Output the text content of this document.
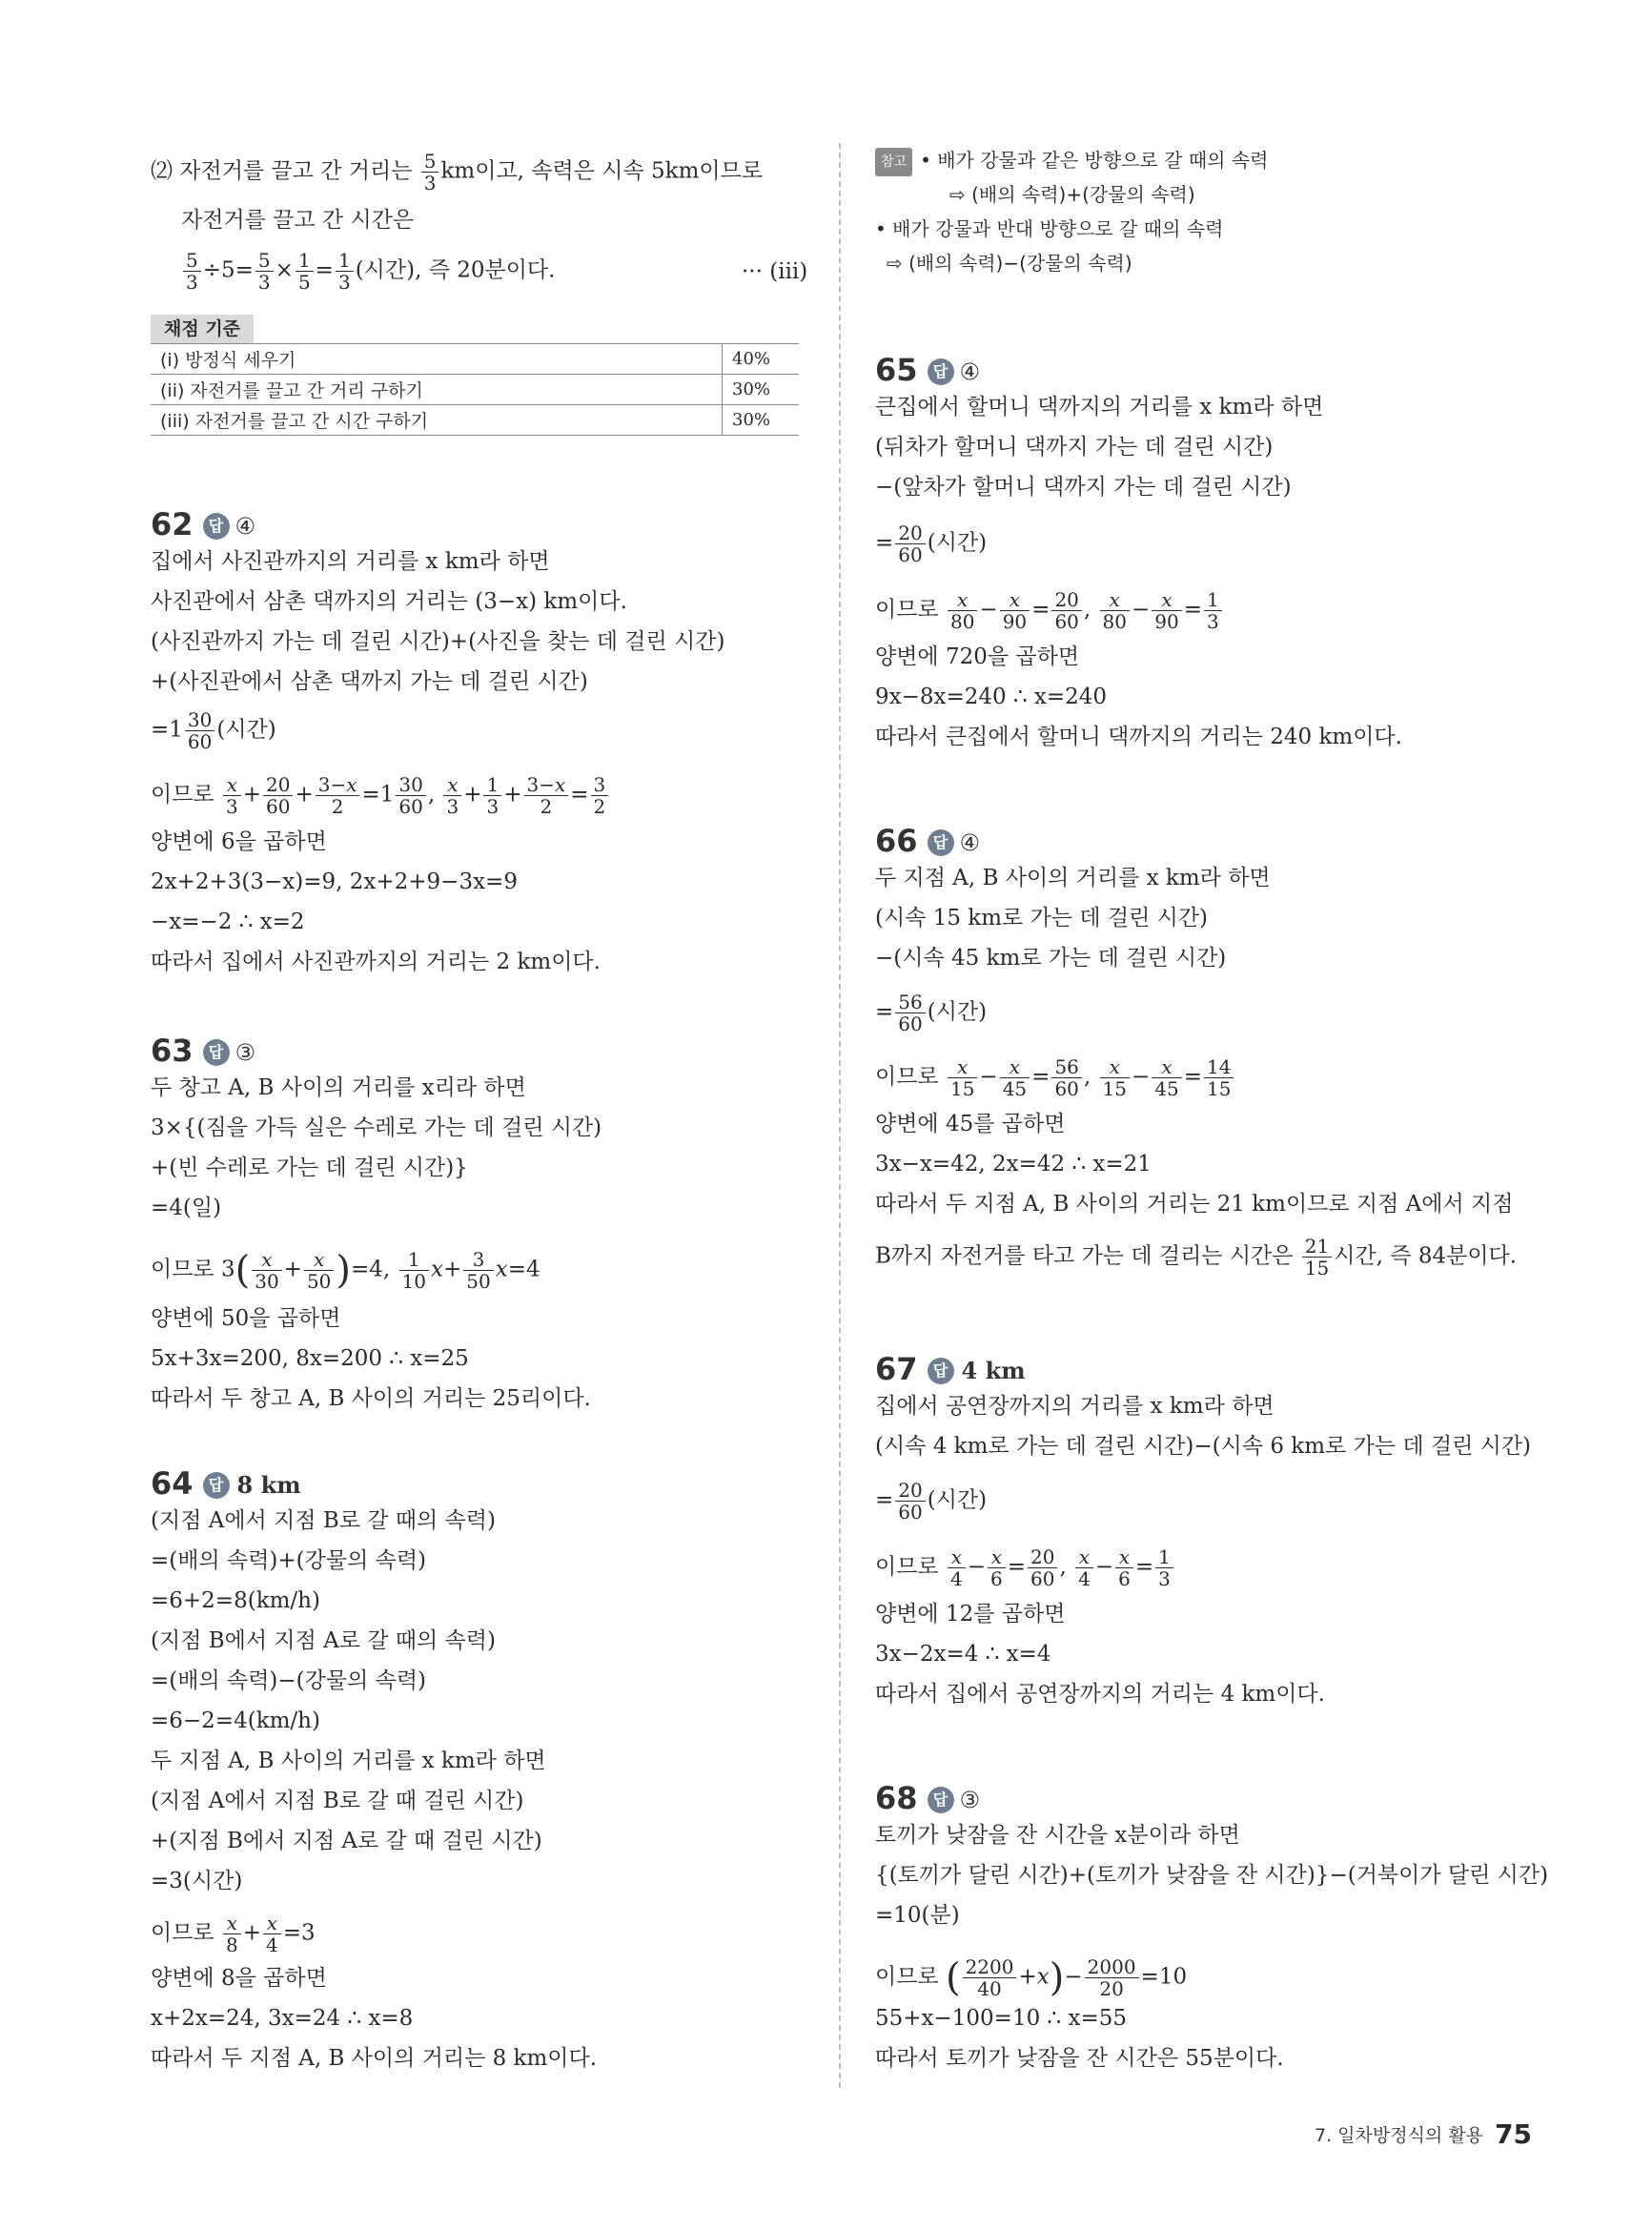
⑵ 자전거를 끌고 간 거리는 $\frac{5}{3}$ km이고, 속력은 시속 5km이므로
자전거를 끌고 간 시간은
$\frac{5}{3} \div 5= \frac{5}{3} \times \frac{1}{5} = \frac{1}{3}$ (시간), 즉 20분이다.	··· (iii)
채점 기준
(i) 방정식 세우기	40%
(ii) 자전거를 끌고 간 거리 구하기	30%
(iii) 자전거를 끌고 간 시간 구하기	30%
62 답 ④
집에서 사진관까지의 거리를 x km라 하면
사진관에서 삼촌 댁까지의 거리는 (3−x) km이다.
(사진관까지 가는 데 걸린 시간)+(사진을 찾는 데 걸린 시간)
+(사진관에서 삼촌 댁까지 가는 데 걸린 시간)
$=1 \frac{30}{60}$ (시간)
이므로 $\frac{x}{3} + \frac{20}{60} + \frac{3-x}{2} =1 \frac{30}{60}$ , $\frac{x}{3} + \frac{1}{3} + \frac{3-x}{2} = \frac{3}{2}$
양변에 6을 곱하면
2x+2+3(3−x)=9, 2x+2+9−3x=9
−x=−2 ∴ x=2
따라서 집에서 사진관까지의 거리는 2 km이다.
63 답 ③
두 창고 A, B 사이의 거리를 x리라 하면
3×{(짐을 가득 실은 수레로 가는 데 걸린 시간)
+(빈 수레로 가는 데 걸린 시간)}
=4(일)
이므로 $3( \frac{x}{30} + \frac{x}{50} )=4$, $\frac{1}{10} x+ \frac{3}{50} x=4$
양변에 50을 곱하면
5x+3x=200, 8x=200 ∴ x=25
따라서 두 창고 A, B 사이의 거리는 25리이다.
64 답 8 km
(지점 A에서 지점 B로 갈 때의 속력)
=(배의 속력)+(강물의 속력)
=6+2=8(km/h)
(지점 B에서 지점 A로 갈 때의 속력)
=(배의 속력)−(강물의 속력)
=6−2=4(km/h)
두 지점 A, B 사이의 거리를 x km라 하면
(지점 A에서 지점 B로 갈 때 걸린 시간)
+(지점 B에서 지점 A로 갈 때 걸린 시간)
=3(시간)
이므로 $\frac{x}{8} + \frac{x}{4} =3$
양변에 8을 곱하면
x+2x=24, 3x=24 ∴ x=8
따라서 두 지점 A, B 사이의 거리는 8 km이다.
참고 • 배가 강물과 같은 방향으로 갈 때의 속력
⇨ (배의 속력)+(강물의 속력)
• 배가 강물과 반대 방향으로 갈 때의 속력
⇨ (배의 속력)−(강물의 속력)
65 답 ④
큰집에서 할머니 댁까지의 거리를 x km라 하면
(뒤차가 할머니 댁까지 가는 데 걸린 시간)
−(앞차가 할머니 댁까지 가는 데 걸린 시간)
= $\frac{20}{60}$ (시간)
이므로 $\frac{x}{80} - \frac{x}{90} = \frac{20}{60}$ , $\frac{x}{80} - \frac{x}{90} = \frac{1}{3}$
양변에 720을 곱하면
9x−8x=240 ∴ x=240
따라서 큰집에서 할머니 댁까지의 거리는 240 km이다.
66 답 ④
두 지점 A, B 사이의 거리를 x km라 하면
(시속 15 km로 가는 데 걸린 시간)
−(시속 45 km로 가는 데 걸린 시간)
= $\frac{56}{60}$ (시간)
이므로 $\frac{x}{15} - \frac{x}{45} = \frac{56}{60}$ , $\frac{x}{15} - \frac{x}{45} = \frac{14}{15}$
양변에 45를 곱하면
3x−x=42, 2x=42 ∴ x=21
따라서 두 지점 A, B 사이의 거리는 21 km이므로 지점 A에서 지점
B까지 자전거를 타고 가는 데 걸리는 시간은 $\frac{21}{15}$ 시간, 즉 84분이다.
67 답 4 km
집에서 공연장까지의 거리를 x km라 하면
(시속 4 km로 가는 데 걸린 시간)−(시속 6 km로 가는 데 걸린 시간)
= $\frac{20}{60}$ (시간)
이므로 $\frac{x}{4} - \frac{x}{6} = \frac{20}{60}$ , $\frac{x}{4} - \frac{x}{6} = \frac{1}{3}$
양변에 12를 곱하면
3x−2x=4 ∴ x=4
따라서 집에서 공연장까지의 거리는 4 km이다.
68 답 ③
토끼가 낮잠을 잔 시간을 x분이라 하면
{(토끼가 달린 시간)+(토끼가 낮잠을 잔 시간)}−(거북이가 달린 시간)
=10(분)
이므로 ( $\frac{2200}{40} +x)- \frac{2000}{20} =10$
55+x−100=10 ∴ x=55
따라서 토끼가 낮잠을 잔 시간은 55분이다.
7. 일차방정식의 활용 75
